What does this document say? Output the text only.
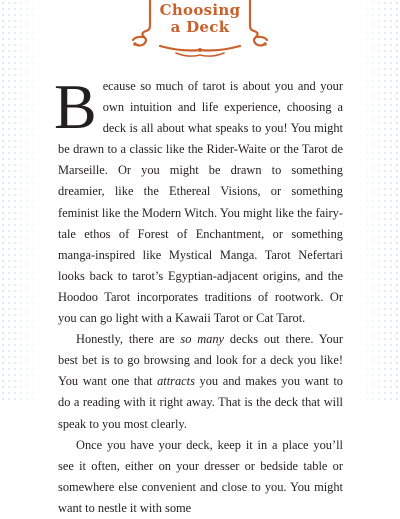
Choosing
a Deck

Because so much of tarot is about you and your own intuition and life experience, choosing a deck is all about what speaks to you! You might be drawn to a classic like the Rider-Waite or the Tarot de Marseille. Or you might be drawn to something dreamier, like the Ethereal Visions, or something feminist like the Modern Witch. You might like the fairy-tale ethos of Forest of Enchantment, or something manga-inspired like Mystical Manga. Tarot Nefertari looks back to tarot’s Egyptian-adjacent origins, and the Hoodoo Tarot incorporates traditions of rootwork. Or you can go light with a Kawaii Tarot or Cat Tarot.

Honestly, there are so many decks out there. Your best bet is to go browsing and look for a deck you like! You want one that attracts you and makes you want to do a reading with it right away. That is the deck that will speak to you most clearly.

Once you have your deck, keep it in a place you’ll see it often, either on your dresser or bedside table or somewhere else convenient and close to you. You might want to nestle it with some
